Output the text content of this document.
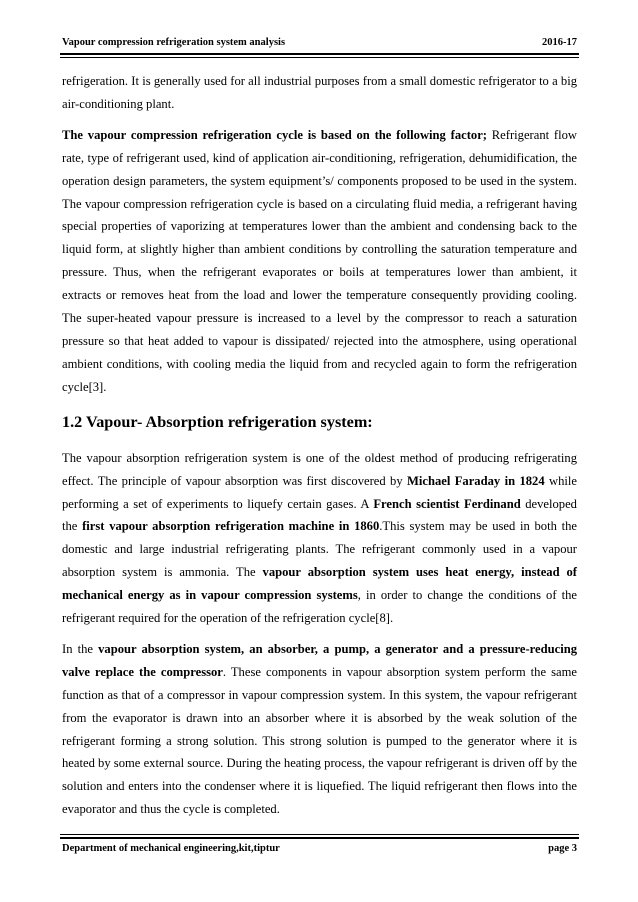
Vapour compression refrigeration system analysis	2016-17

refrigeration. It is generally used for all industrial purposes from a small domestic refrigerator to a big air-conditioning plant.

The vapour compression refrigeration cycle is based on the following factor; Refrigerant flow rate, type of refrigerant used, kind of application air-conditioning, refrigeration, dehumidification, the operation design parameters, the system equipment’s/ components proposed to be used in the system. The vapour compression refrigeration cycle is based on a circulating fluid media, a refrigerant having special properties of vaporizing at temperatures lower than the ambient and condensing back to the liquid form, at slightly higher than ambient conditions by controlling the saturation temperature and pressure. Thus, when the refrigerant evaporates or boils at temperatures lower than ambient, it extracts or removes heat from the load and lower the temperature consequently providing cooling. The super-heated vapour pressure is increased to a level by the compressor to reach a saturation pressure so that heat added to vapour is dissipated/ rejected into the atmosphere, using operational ambient conditions, with cooling media the liquid from and recycled again to form the refrigeration cycle[3].

1.2 Vapour- Absorption refrigeration system:

The vapour absorption refrigeration system is one of the oldest method of producing refrigerating effect. The principle of vapour absorption was first discovered by Michael Faraday in 1824 while performing a set of experiments to liquefy certain gases. A French scientist Ferdinand developed the first vapour absorption refrigeration machine in 1860.This system may be used in both the domestic and large industrial refrigerating plants. The refrigerant commonly used in a vapour absorption system is ammonia. The vapour absorption system uses heat energy, instead of mechanical energy as in vapour compression systems, in order to change the conditions of the refrigerant required for the operation of the refrigeration cycle[8].

In the vapour absorption system, an absorber, a pump, a generator and a pressure-reducing valve replace the compressor. These components in vapour absorption system perform the same function as that of a compressor in vapour compression system. In this system, the vapour refrigerant from the evaporator is drawn into an absorber where it is absorbed by the weak solution of the refrigerant forming a strong solution. This strong solution is pumped to the generator where it is heated by some external source. During the heating process, the vapour refrigerant is driven off by the solution and enters into the condenser where it is liquefied. The liquid refrigerant then flows into the evaporator and thus the cycle is completed.

Department of mechanical engineering,kit,tiptur	page 3
